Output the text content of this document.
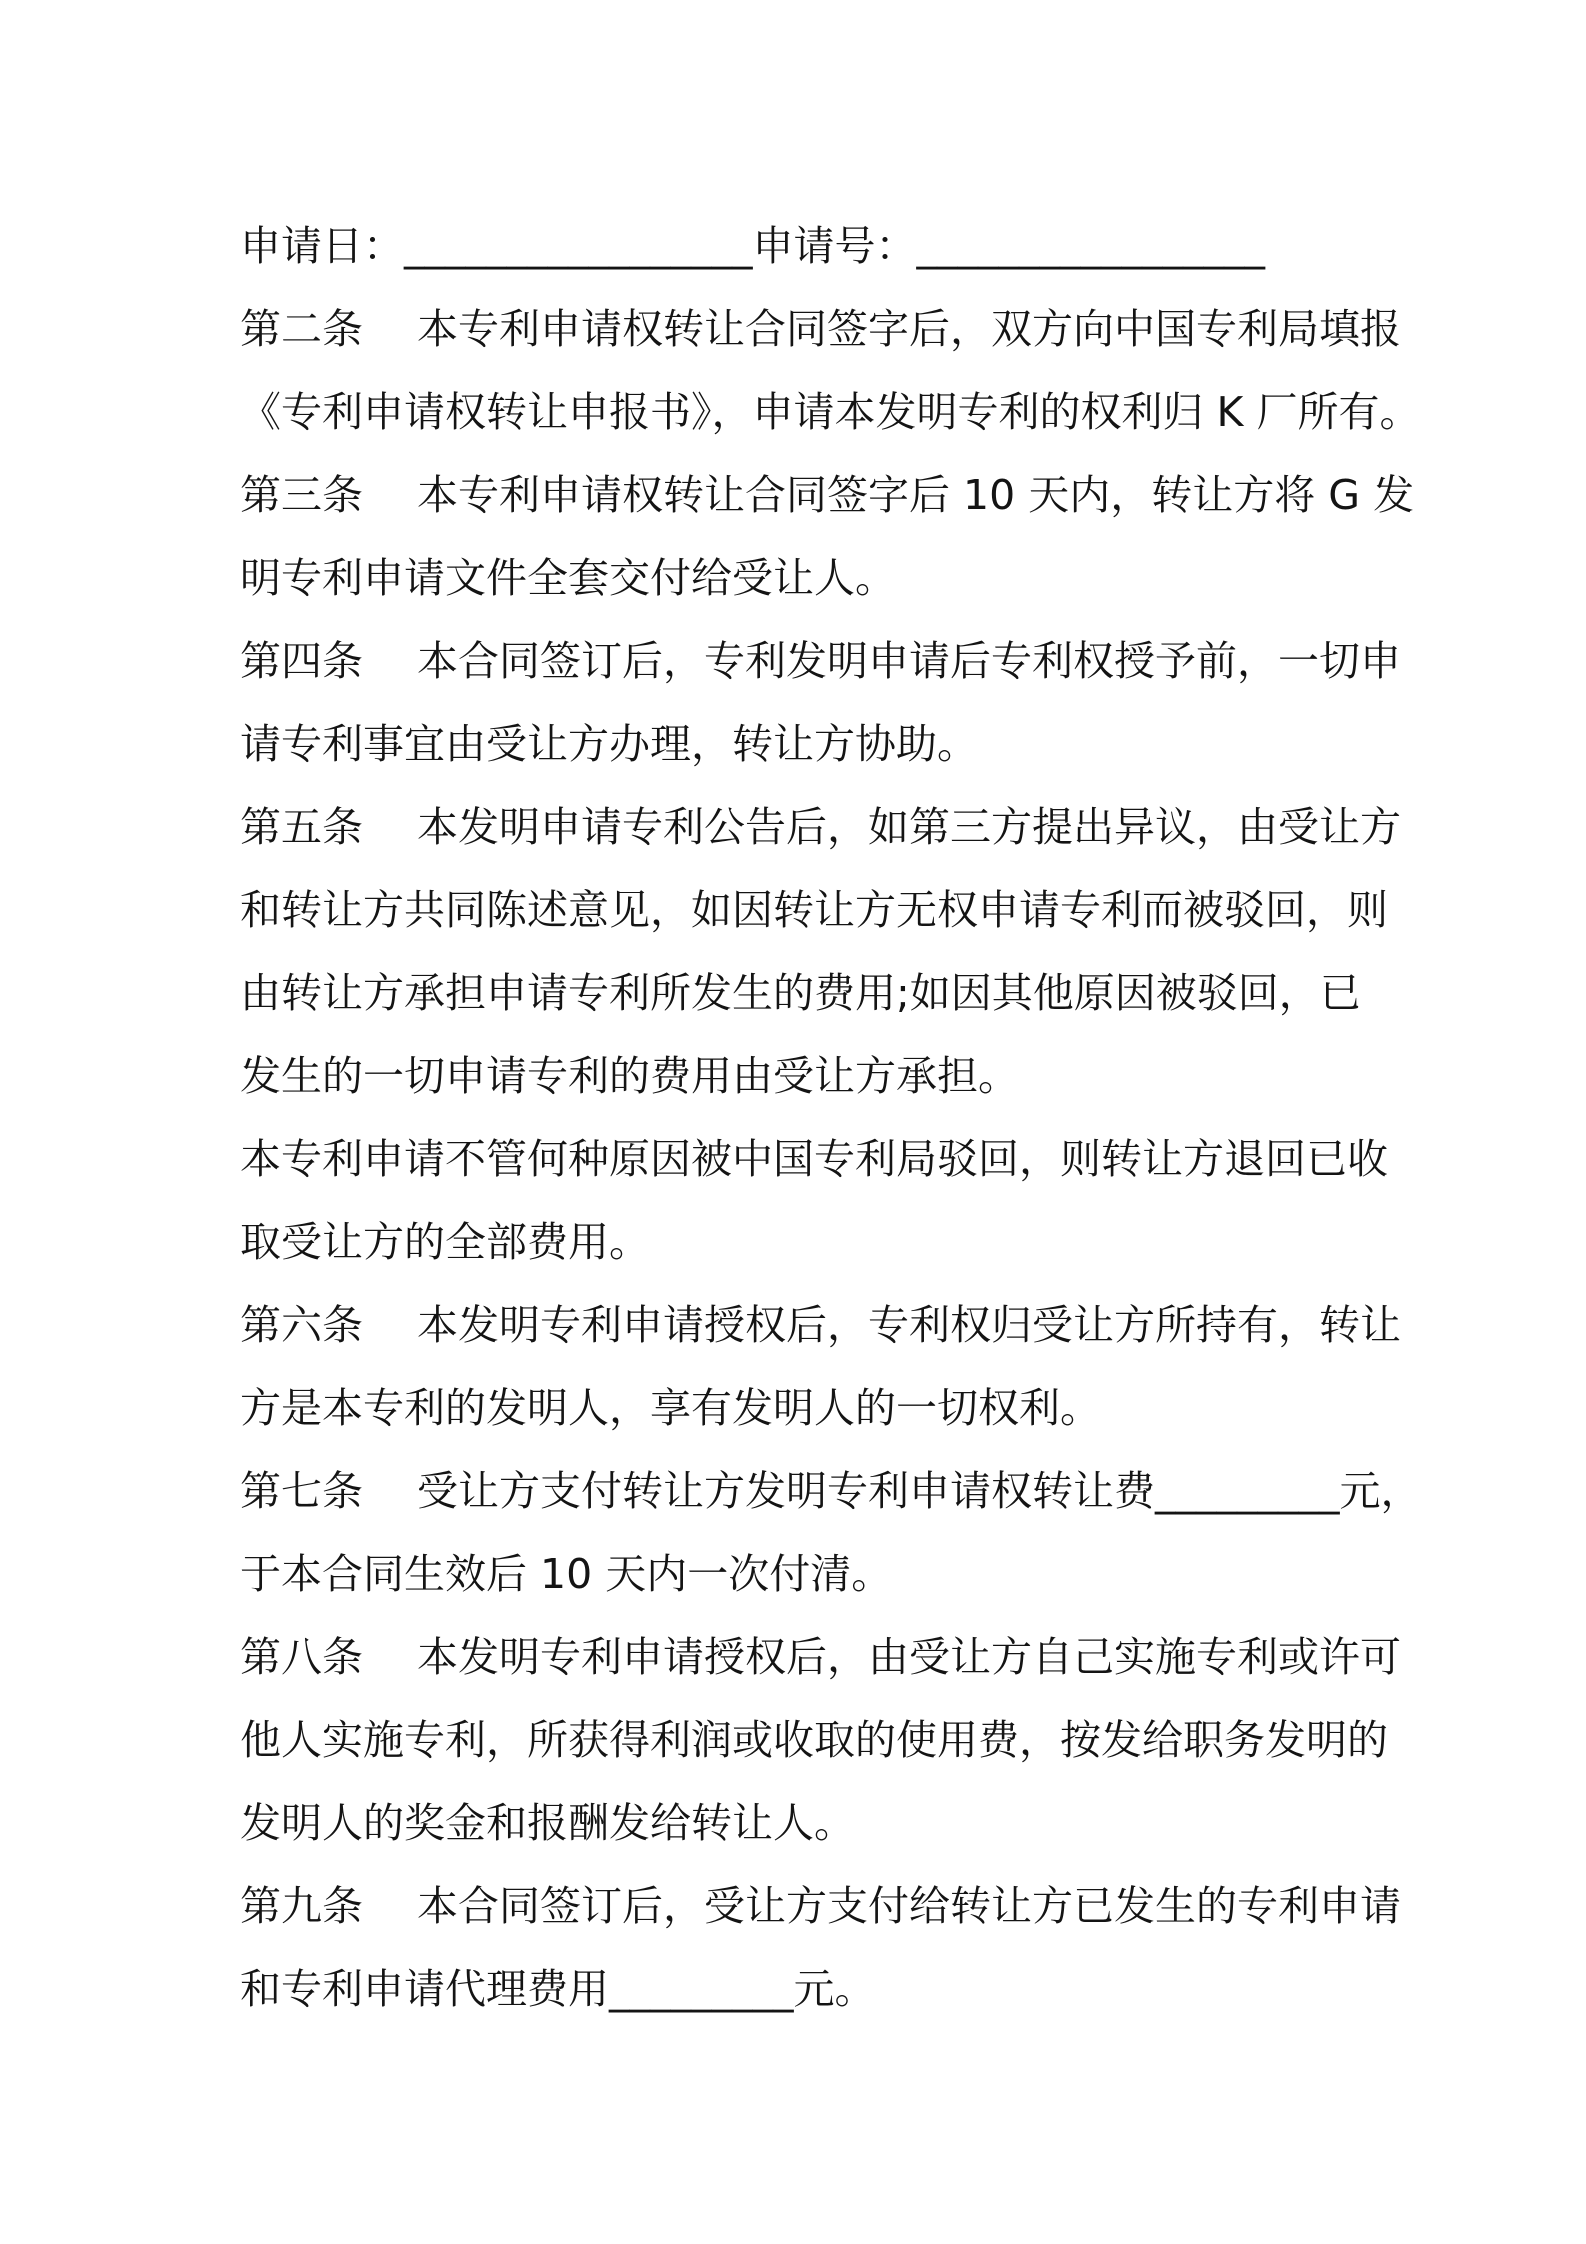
申请日：_________________申请号：_________________
第二条 本专利申请权转让合同签字后，双方向中国专利局填报
《专利申请权转让申报书》，申请本发明专利的权利归 K 厂所有。
第三条 本专利申请权转让合同签字后 10 天内，转让方将 G 发
明专利申请文件全套交付给受让人。
第四条 本合同签订后，专利发明申请后专利权授予前，一切申
请专利事宜由受让方办理，转让方协助。
第五条 本发明申请专利公告后，如第三方提出异议，由受让方
和转让方共同陈述意见，如因转让方无权申请专利而被驳回，则
由转让方承担申请专利所发生的费用;如因其他原因被驳回，已
发生的一切申请专利的费用由受让方承担。
本专利申请不管何种原因被中国专利局驳回，则转让方退回已收
取受让方的全部费用。
第六条 本发明专利申请授权后，专利权归受让方所持有，转让
方是本专利的发明人，享有发明人的一切权利。
第七条 受让方支付转让方发明专利申请权转让费_________元，
于本合同生效后 10 天内一次付清。
第八条 本发明专利申请授权后，由受让方自己实施专利或许可
他人实施专利，所获得利润或收取的使用费，按发给职务发明的
发明人的奖金和报酬发给转让人。
第九条 本合同签订后，受让方支付给转让方已发生的专利申请
和专利申请代理费用_________元。
